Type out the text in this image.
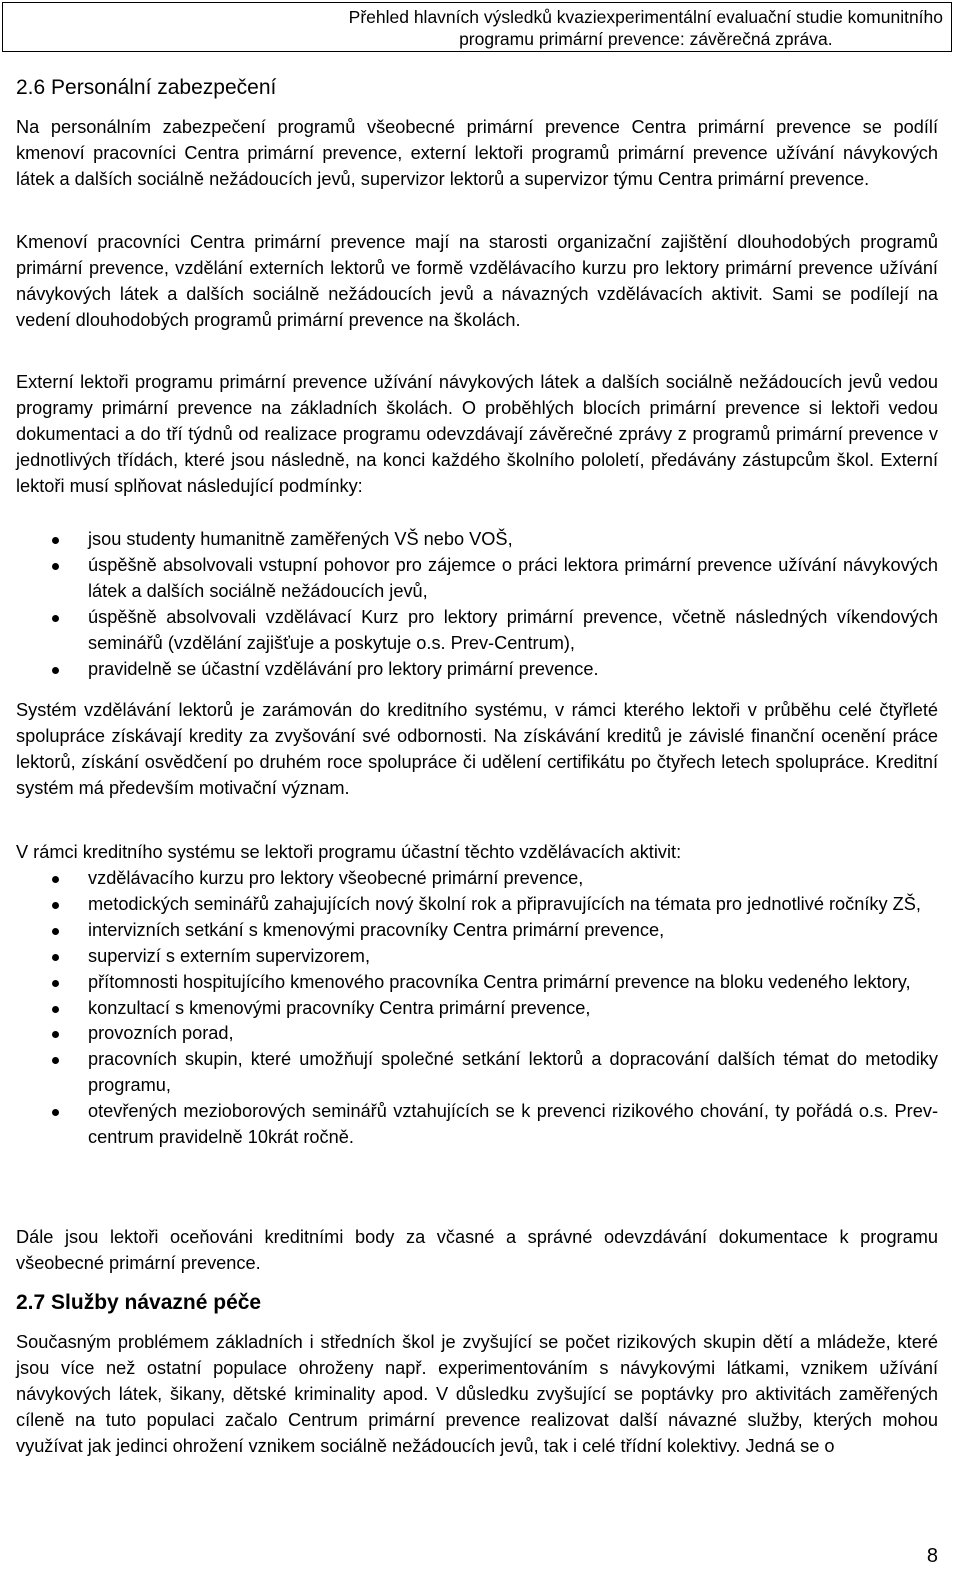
Přehled hlavních výsledků kvaziexperimentální evaluační studie komunitního
programu primární prevence: závěrečná zpráva.
2.6 Personální zabezpečení

Na personálním zabezpečení programů všeobecné primární prevence Centra primární prevence se podílí kmenoví pracovníci Centra primární prevence, externí lektoři programů primární prevence užívání návykových látek a dalších sociálně nežádoucích jevů, supervizor lektorů a supervizor týmu Centra primární prevence.

Kmenoví pracovníci Centra primární prevence mají na starosti organizační zajištění dlouhodobých programů primární prevence, vzdělání externích lektorů ve formě vzdělávacího kurzu pro lektory primární prevence užívání návykových látek a dalších sociálně nežádoucích jevů a návazných vzdělávacích aktivit. Sami se podílejí na vedení dlouhodobých programů primární prevence na školách.

Externí lektoři programu primární prevence užívání návykových látek a dalších sociálně nežádoucích jevů vedou programy primární prevence na základních školách. O proběhlých blocích primární prevence si lektoři vedou dokumentaci a do tří týdnů od realizace programu odevzdávají závěrečné zprávy z programů primární prevence v jednotlivých třídách, které jsou následně, na konci každého školního pololetí, předávány zástupcům škol. Externí lektoři musí splňovat následující podmínky:

jsou studenty humanitně zaměřených VŠ nebo VOŠ,
úspěšně absolvovali vstupní pohovor pro zájemce o práci lektora primární prevence užívání návykových látek a dalších sociálně nežádoucích jevů,
úspěšně absolvovali vzdělávací Kurz pro lektory primární prevence, včetně následných víkendových seminářů (vzdělání zajišťuje a poskytuje o.s. Prev-Centrum),
pravidelně se účastní vzdělávání pro lektory primární prevence.

Systém vzdělávání lektorů je zarámován do kreditního systému, v rámci kterého lektoři v průběhu celé čtyřleté spolupráce získávají kredity za zvyšování své odbornosti. Na získávání kreditů je závislé finanční ocenění práce lektorů, získání osvědčení po druhém roce spolupráce či udělení certifikátu po čtyřech letech spolupráce. Kreditní systém má především motivační význam.

V rámci kreditního systému se lektoři programu účastní těchto vzdělávacích aktivit:

vzdělávacího kurzu pro lektory všeobecné primární prevence,
metodických seminářů zahajujících nový školní rok a připravujících na témata pro jednotlivé ročníky ZŠ,
intervizních setkání s kmenovými pracovníky Centra primární prevence,
supervizí s externím supervizorem,
přítomnosti hospitujícího kmenového pracovníka Centra primární prevence na bloku vedeného lektory,
konzultací s kmenovými pracovníky Centra primární prevence,
provozních porad,
pracovních skupin, které umožňují společné setkání lektorů a dopracování dalších témat do metodiky programu,
otevřených mezioborových seminářů vztahujících se k prevenci rizikového chování, ty pořádá o.s. Prev-centrum pravidelně 10krát ročně.

Dále jsou lektoři oceňováni kreditními body za včasné a správné odevzdávání dokumentace k programu všeobecné primární prevence.

2.7 Služby návazné péče

Současným problémem základních i středních škol je zvyšující se počet rizikových skupin dětí a mládeže, které jsou více než ostatní populace ohroženy např. experimentováním s návykovými látkami, vznikem užívání návykových látek, šikany, dětské kriminality apod. V důsledku zvyšující se poptávky pro aktivitách zaměřených cíleně na tuto populaci začalo Centrum primární prevence realizovat další návazné služby, kterých mohou využívat jak jedinci ohrožení vznikem sociálně nežádoucích jevů, tak i celé třídní kolektivy. Jedná se o

8
